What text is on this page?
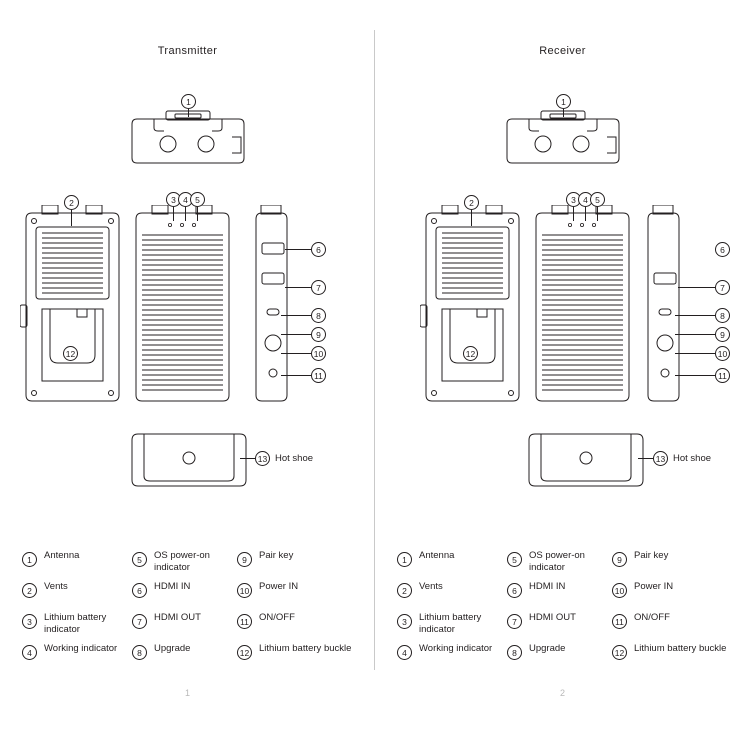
Transmitter
1
2
12
3 4 5
6
7
8
9
10
11
13 Hot shoe
1	Antenna
2	Vents
3	Lithium battery indicator
4	Working indicator
5	OS power-on indicator
6	HDMI IN
7	HDMI OUT
8	Upgrade
9	Pair key
10 Power IN
11	ON/OFF
12 Lithium battery buckle
1
Receiver
1
2
12
3 4 5
6
7
8
9
10
11
13 Hot shoe
1	Antenna
2	Vents
3	Lithium battery indicator
4	Working indicator
5	OS power-on indicator
6	HDMI IN
7	HDMI OUT
8	Upgrade
9	Pair key
10 Power IN
11	ON/OFF
12 Lithium battery buckle
2
